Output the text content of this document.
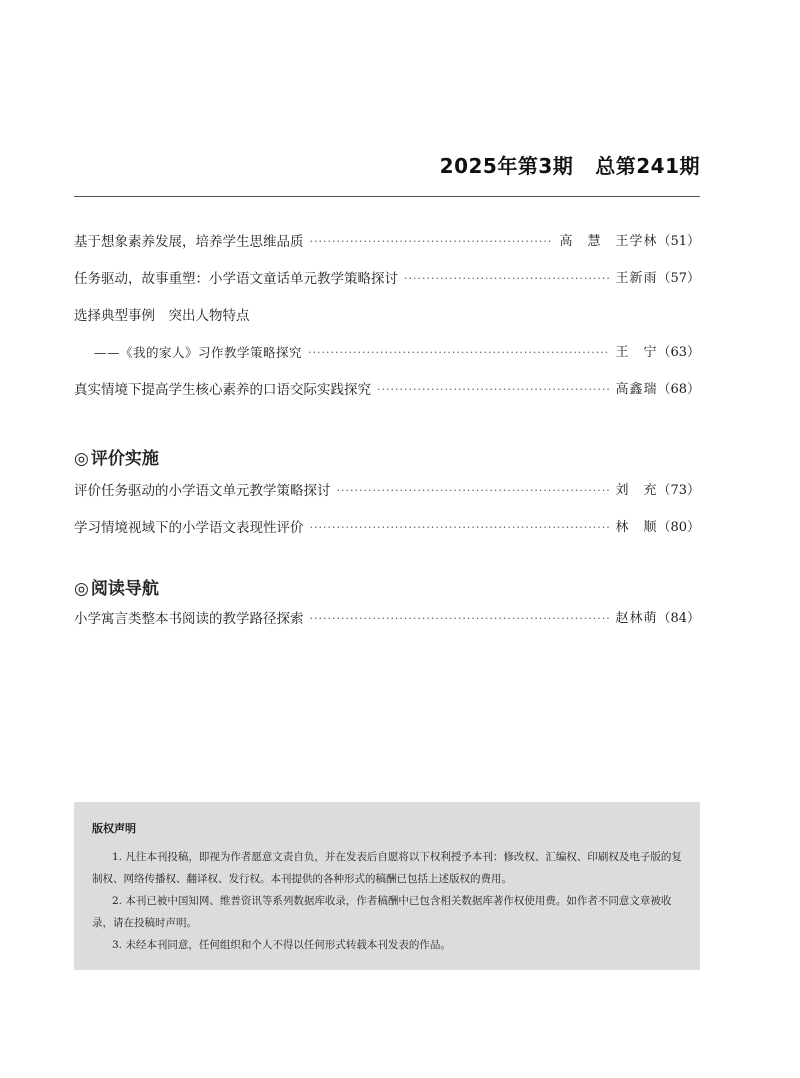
2025年第3期 总第241期
基于想象素养发展，培养学生思维品质 ·····	高　慧　王学林 （51）
任务驱动，故事重塑：小学语文童话单元教学策略探讨 ·····	王新雨 （57）
选择典型事例　突出人物特点
——《我的家人》习作教学策略探究 ·····	王　宁 （63）
真实情境下提高学生核心素养的口语交际实践探究 ·····	高鑫瑞 （68）
◎ 评价实施
评价任务驱动的小学语文单元教学策略探讨 ·····	刘　充 （73）
学习情境视域下的小学语文表现性评价 ·····	林　顺 （80）
◎ 阅读导航
小学寓言类整本书阅读的教学路径探索 ·····	赵林萌 （84）
版权声明

1. 凡往本刊投稿，即视为作者愿意文责自负，并在发表后自愿将以下权利授予本刊：修改权、汇编权、印刷权及电子版的复制权、网络传播权、翻译权、发行权。本刊提供的各种形式的稿酬已包括上述版权的费用。

2. 本刊已被中国知网、维普资讯等系列数据库收录，作者稿酬中已包含相关数据库著作权使用费。如作者不同意文章被收录，请在投稿时声明。

3. 未经本刊同意，任何组织和个人不得以任何形式转载本刊发表的作品。
